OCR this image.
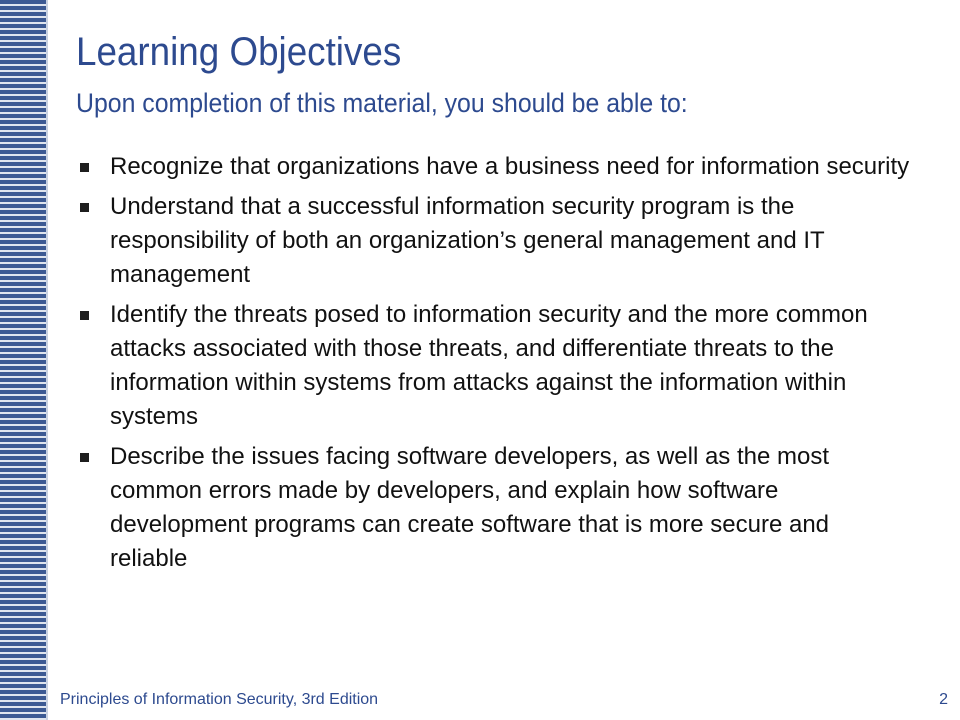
Learning Objectives
Upon completion of this material, you should be able to:
Recognize that organizations have a business need for information security
Understand that a successful information security program is the responsibility of both an organization’s general management and IT management
Identify the threats posed to information security and the more common attacks associated with those threats, and differentiate threats to the information within systems from attacks against the information within systems
Describe the issues facing software developers, as well as the most common errors made by developers, and explain how software development programs can create software that is more secure and reliable
Principles of Information Security, 3rd Edition	2
